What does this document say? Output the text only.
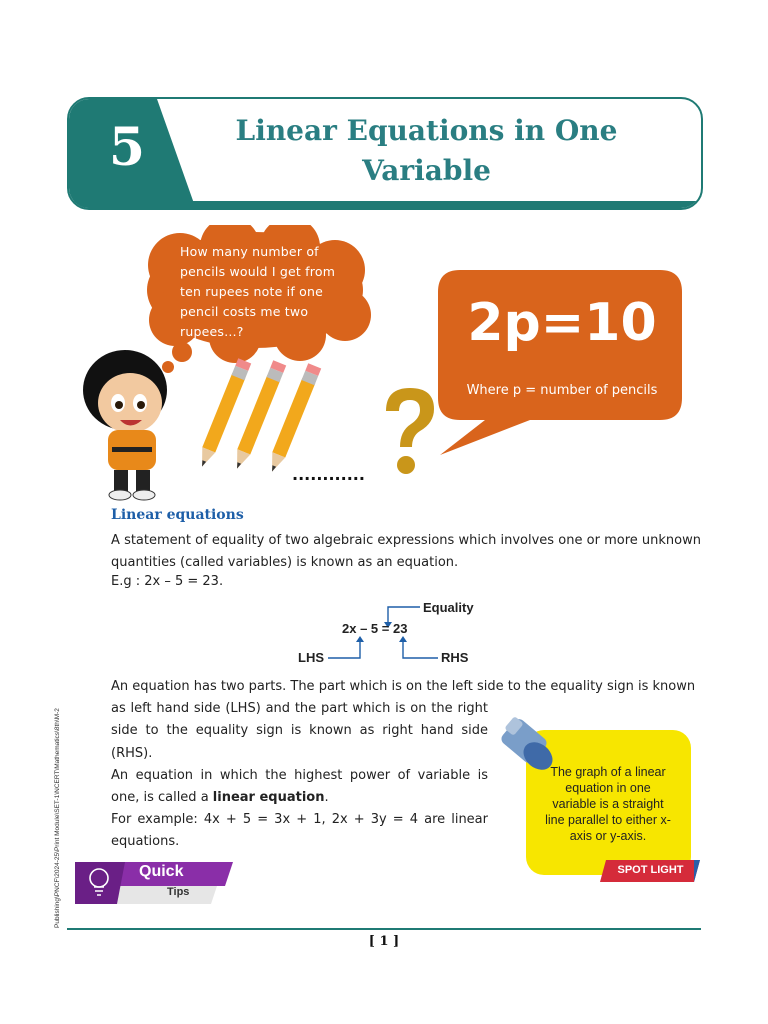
5	Linear Equations in One
Variable
How many number of pencils would I get from ten rupees note if one pencil costs me two rupees…?	2p=10
Where p = number of pencils
............
Linear equations
A statement of equality of two algebraic expressions which involves one or more unknown quantities (called variables) is known as an equation.
E.g : 2x – 5 = 23.
2x – 5 = 23
Equality
LHS	RHS
An equation has two parts. The part which is on the left side to the equality sign is known
as left hand side (LHS) and the part which is on the right side to the equality sign is known as right hand side (RHS).
An equation in which the highest power of variable is one, is called a linear equation.
For example: 4x + 5 = 3x + 1, 2x + 3y = 4 are linear equations.
The graph of a linear equation in one variable is a straight line parallel to either x-axis or y-axis.
SPOT LIGHT
Quick
Tips
Publishing\PNCF\2024-25\Print Module\SET-1\NCERT\Mathematics\8th\M-2
[ 1 ]
